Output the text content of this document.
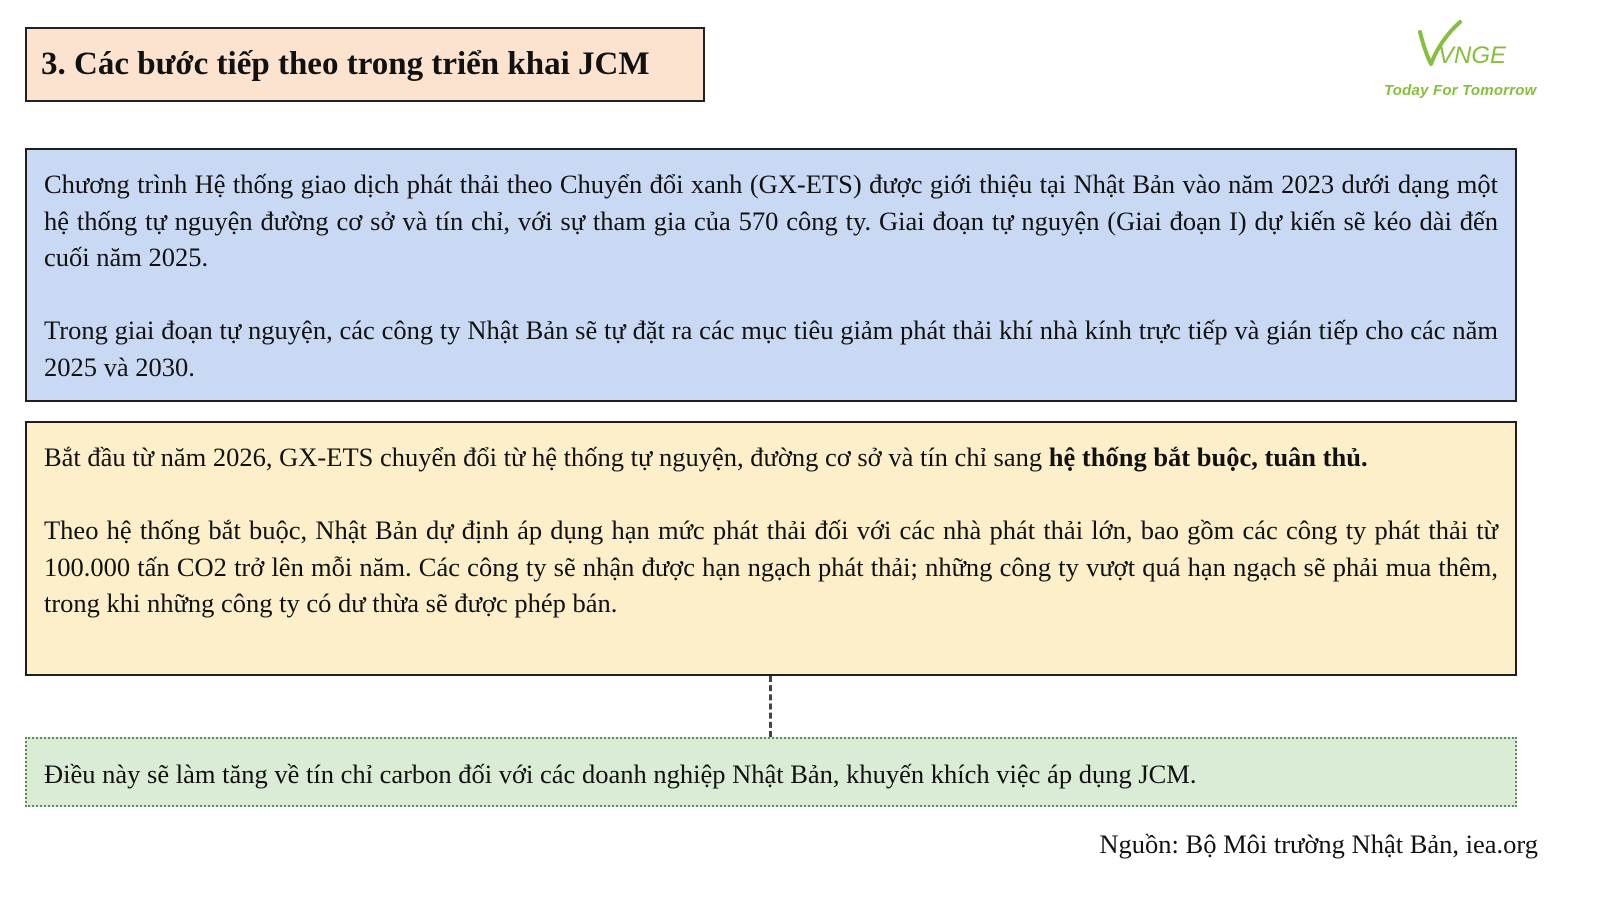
3. Các bước tiếp theo trong triển khai JCM	VNGE
Today For Tomorrow

Chương trình Hệ thống giao dịch phát thải theo Chuyển đổi xanh (GX-ETS) được giới thiệu tại Nhật Bản vào năm 2023 dưới dạng một hệ thống tự nguyện đường cơ sở và tín chỉ, với sự tham gia của 570 công ty. Giai đoạn tự nguyện (Giai đoạn I) dự kiến sẽ kéo dài đến cuối năm 2025.

Trong giai đoạn tự nguyện, các công ty Nhật Bản sẽ tự đặt ra các mục tiêu giảm phát thải khí nhà kính trực tiếp và gián tiếp cho các năm 2025 và 2030.

Bắt đầu từ năm 2026, GX-ETS chuyển đổi từ hệ thống tự nguyện, đường cơ sở và tín chỉ sang hệ thống bắt buộc, tuân thủ.

Theo hệ thống bắt buộc, Nhật Bản dự định áp dụng hạn mức phát thải đối với các nhà phát thải lớn, bao gồm các công ty phát thải từ 100.000 tấn CO2 trở lên mỗi năm. Các công ty sẽ nhận được hạn ngạch phát thải; những công ty vượt quá hạn ngạch sẽ phải mua thêm, trong khi những công ty có dư thừa sẽ được phép bán.

Điều này sẽ làm tăng về tín chỉ carbon đối với các doanh nghiệp Nhật Bản, khuyến khích việc áp dụng JCM.
Nguồn: Bộ Môi trường Nhật Bản, iea.org
